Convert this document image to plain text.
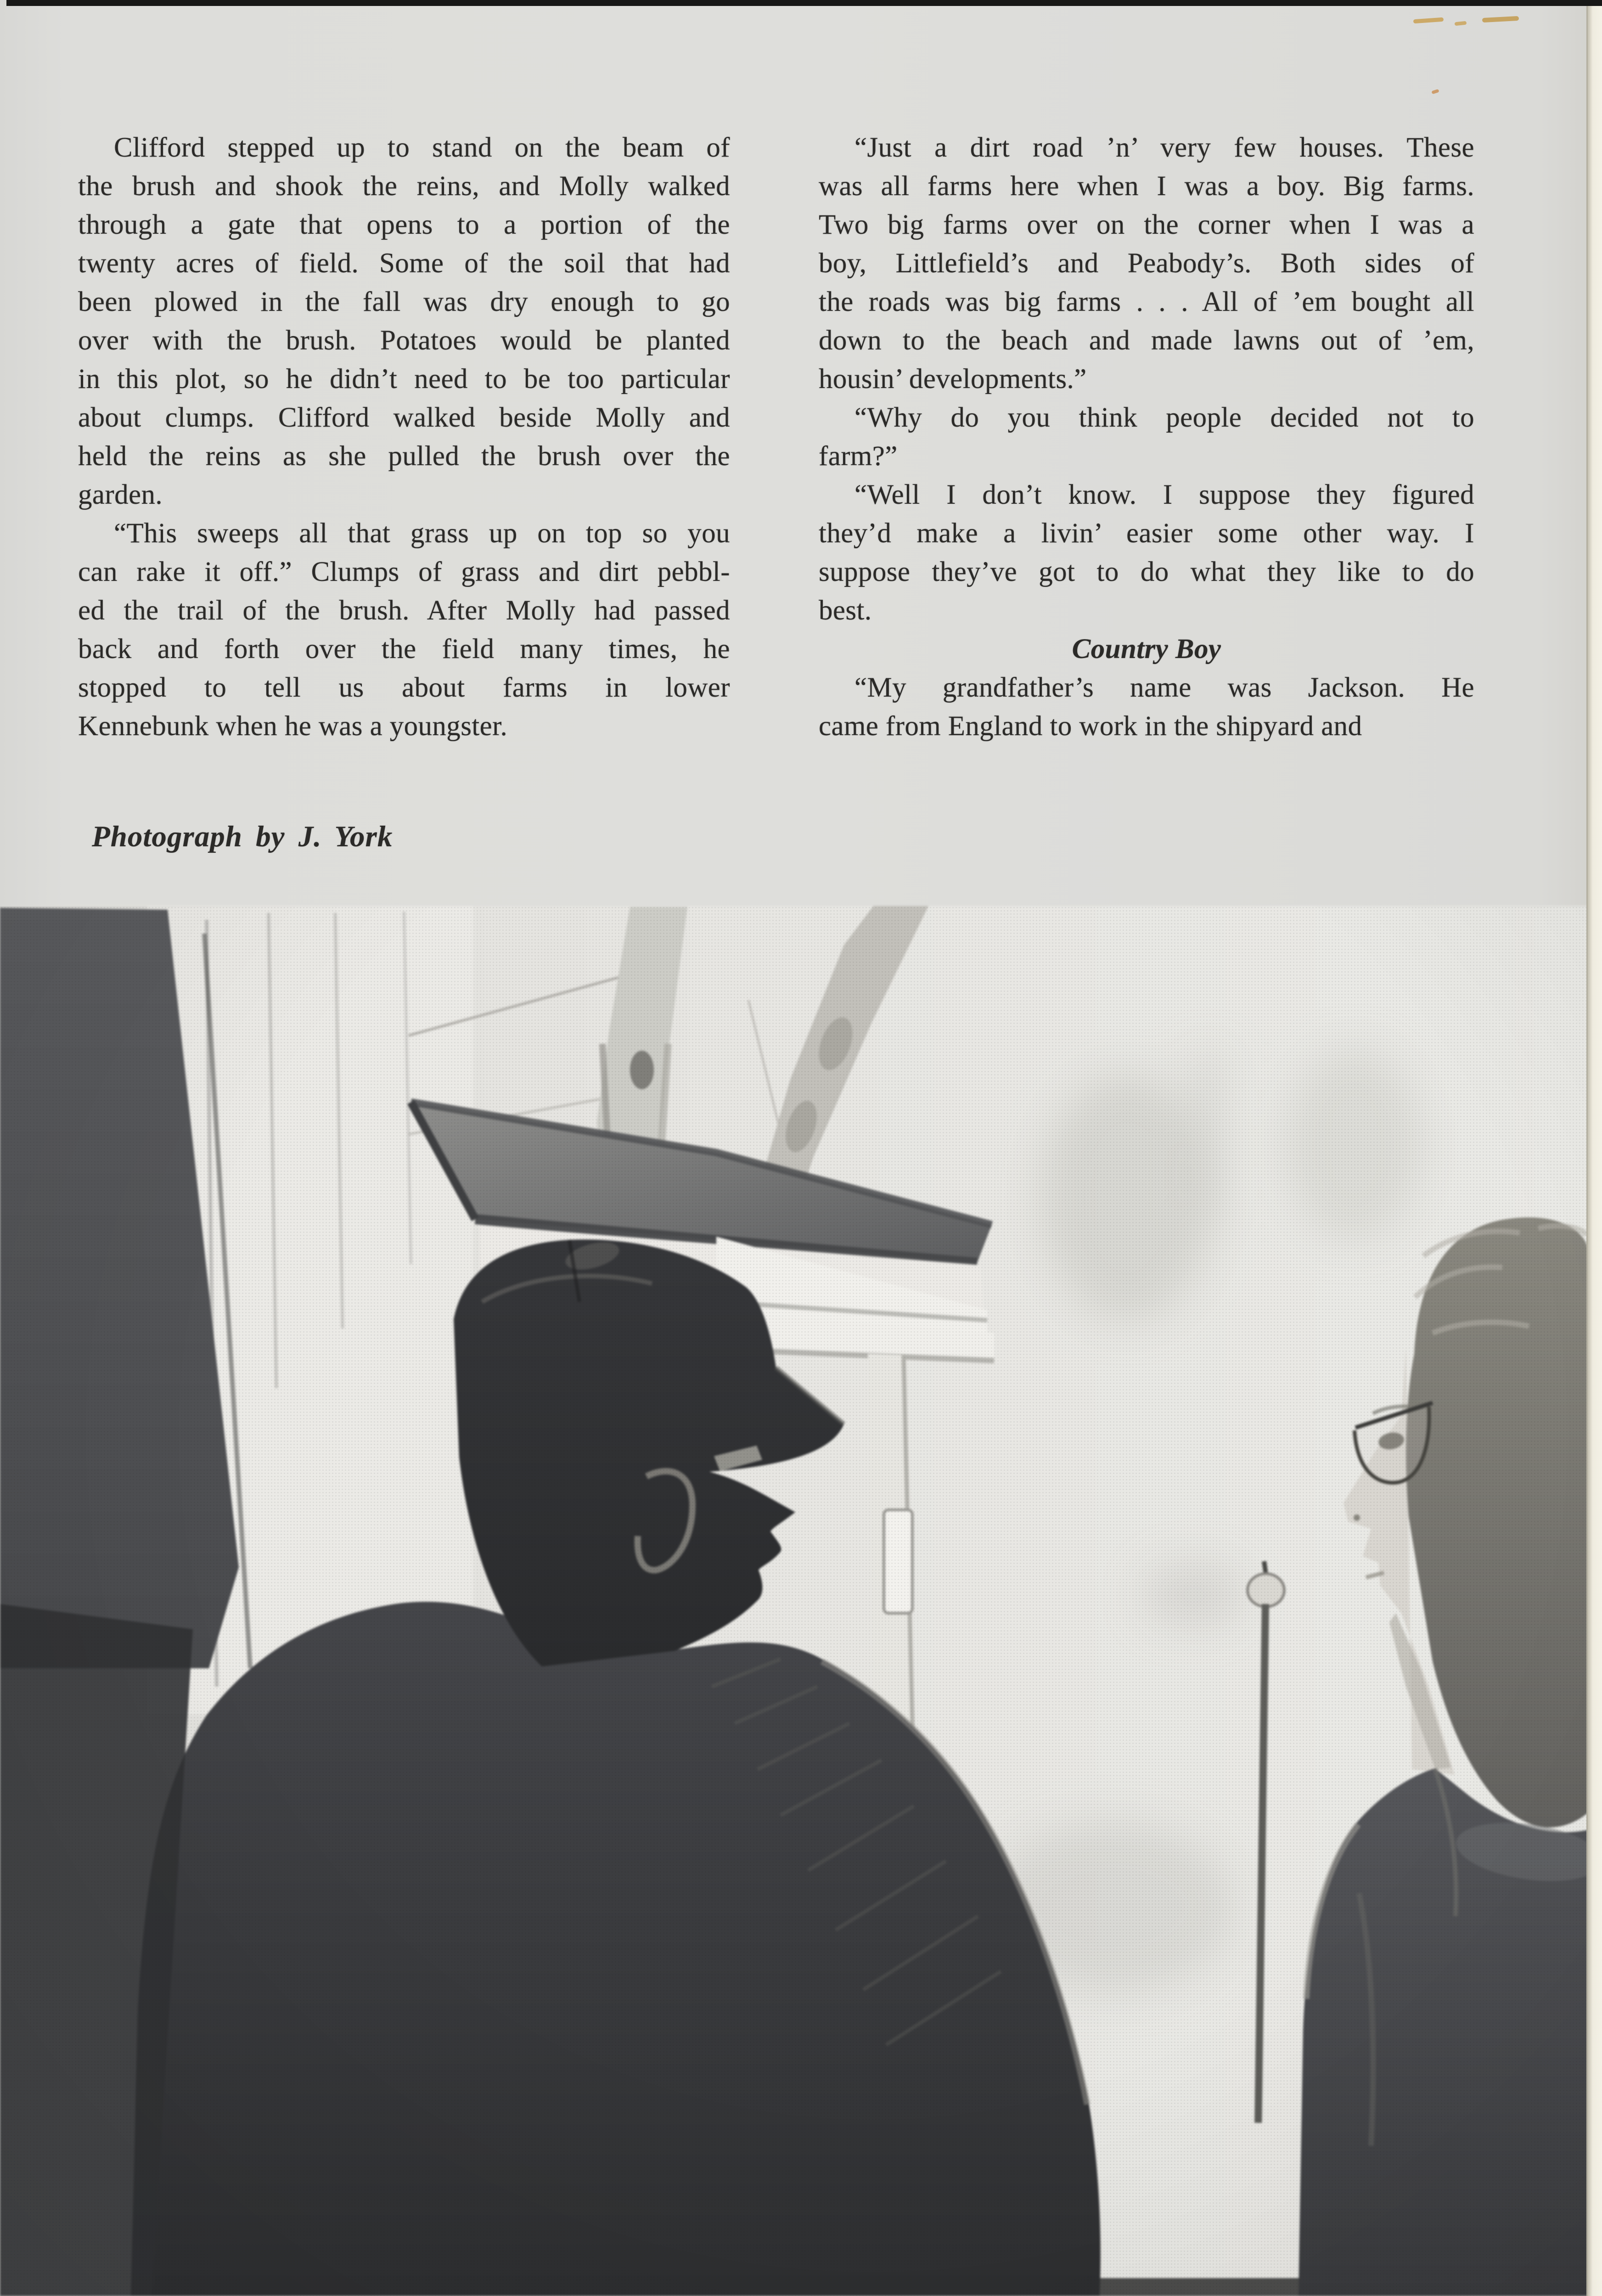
Clifford stepped up to stand on the beam of
the brush and shook the reins, and Molly walked
through a gate that opens to a portion of the
twenty acres of field. Some of the soil that had
been plowed in the fall was dry enough to go
over with the brush. Potatoes would be planted
in this plot, so he didn’t need to be too particular
about clumps. Clifford walked beside Molly and
held the reins as she pulled the brush over the
garden.
“This sweeps all that grass up on top so you
can rake it off.” Clumps of grass and dirt pebbl-
ed the trail of the brush. After Molly had passed
back and forth over the field many times, he
stopped to tell us about farms in lower
Kennebunk when he was a youngster.
“Just a dirt road ’n’ very few houses. These
was all farms here when I was a boy. Big farms.
Two big farms over on the corner when I was a
boy, Littlefield’s and Peabody’s. Both sides of
the roads was big farms . . . All of ’em bought all
down to the beach and made lawns out of ’em,
housin’ developments.”
“Why do you think people decided not to
farm?”
“Well I don’t know. I suppose they figured
they’d make a livin’ easier some other way. I
suppose they’ve got to do what they like to do
best.
Country Boy
“My grandfather’s name was Jackson. He
came from England to work in the shipyard and
Photograph by J. York
